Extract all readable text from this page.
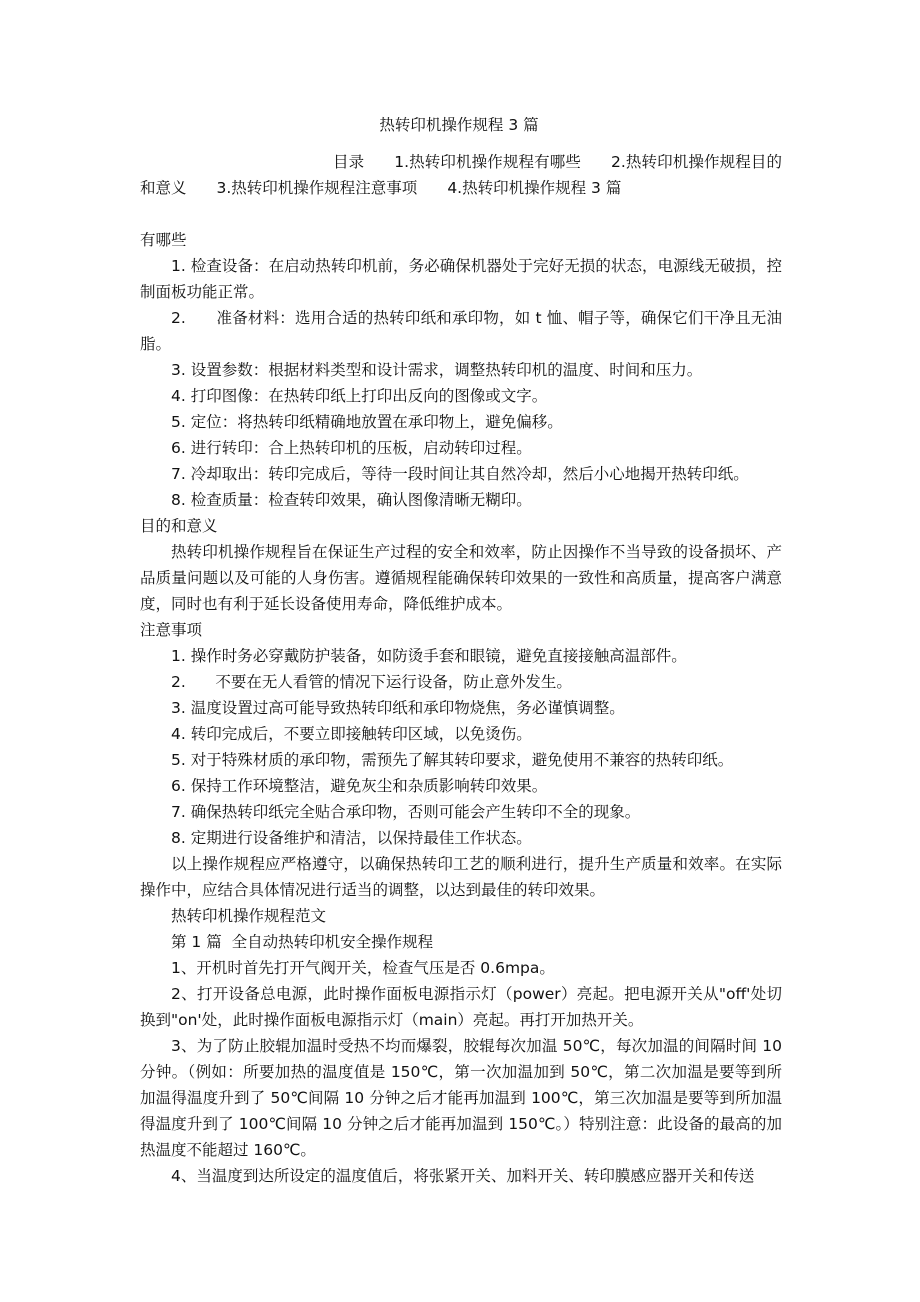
热转印机操作规程 3 篇
目录 1.热转印机操作规程有哪些 2.热转印机操作规程目的和意义 3.热转印机操作规程注意事项 4.热转印机操作规程 3 篇
有哪些

1. 检查设备：在启动热转印机前，务必确保机器处于完好无损的状态，电源线无破损，控制面板功能正常。

2.      准备材料：选用合适的热转印纸和承印物，如 t 恤、帽子等，确保它们干净且无油脂。

3. 设置参数：根据材料类型和设计需求，调整热转印机的温度、时间和压力。

4. 打印图像：在热转印纸上打印出反向的图像或文字。

5. 定位：将热转印纸精确地放置在承印物上，避免偏移。

6. 进行转印：合上热转印机的压板，启动转印过程。

7. 冷却取出：转印完成后，等待一段时间让其自然冷却，然后小心地揭开热转印纸。

8. 检查质量：检查转印效果，确认图像清晰无糊印。

目的和意义

热转印机操作规程旨在保证生产过程的安全和效率，防止因操作不当导致的设备损坏、产品质量问题以及可能的人身伤害。遵循规程能确保转印效果的一致性和高质量，提高客户满意度，同时也有利于延长设备使用寿命，降低维护成本。

注意事项

1. 操作时务必穿戴防护装备，如防烫手套和眼镜，避免直接接触高温部件。

2.      不要在无人看管的情况下运行设备，防止意外发生。

3. 温度设置过高可能导致热转印纸和承印物烧焦，务必谨慎调整。

4. 转印完成后，不要立即接触转印区域，以免烫伤。

5. 对于特殊材质的承印物，需预先了解其转印要求，避免使用不兼容的热转印纸。

6. 保持工作环境整洁，避免灰尘和杂质影响转印效果。

7. 确保热转印纸完全贴合承印物，否则可能会产生转印不全的现象。

8. 定期进行设备维护和清洁，以保持最佳工作状态。

以上操作规程应严格遵守，以确保热转印工艺的顺利进行，提升生产质量和效率。在实际操作中，应结合具体情况进行适当的调整，以达到最佳的转印效果。

热转印机操作规程范文

第 1 篇  全自动热转印机安全操作规程

1、开机时首先打开气阀开关，检查气压是否 0.6mpa。

2、打开设备总电源，此时操作面板电源指示灯（power）亮起。把电源开关从"off'处切换到"on'处，此时操作面板电源指示灯（main）亮起。再打开加热开关。

3、为了防止胶辊加温时受热不均而爆裂，胶辊每次加温 50℃，每次加温的间隔时间 10 分钟。（例如：所要加热的温度值是 150℃，第一次加温加到 50℃，第二次加温是要等到所加温得温度升到了 50℃间隔 10 分钟之后才能再加温到 100℃，第三次加温是要等到所加温得温度升到了 100℃间隔 10 分钟之后才能再加温到 150℃。）特别注意：此设备的最高的加热温度不能超过 160℃。

4、当温度到达所设定的温度值后，将张紧开关、加料开关、转印膜感应器开关和传送
